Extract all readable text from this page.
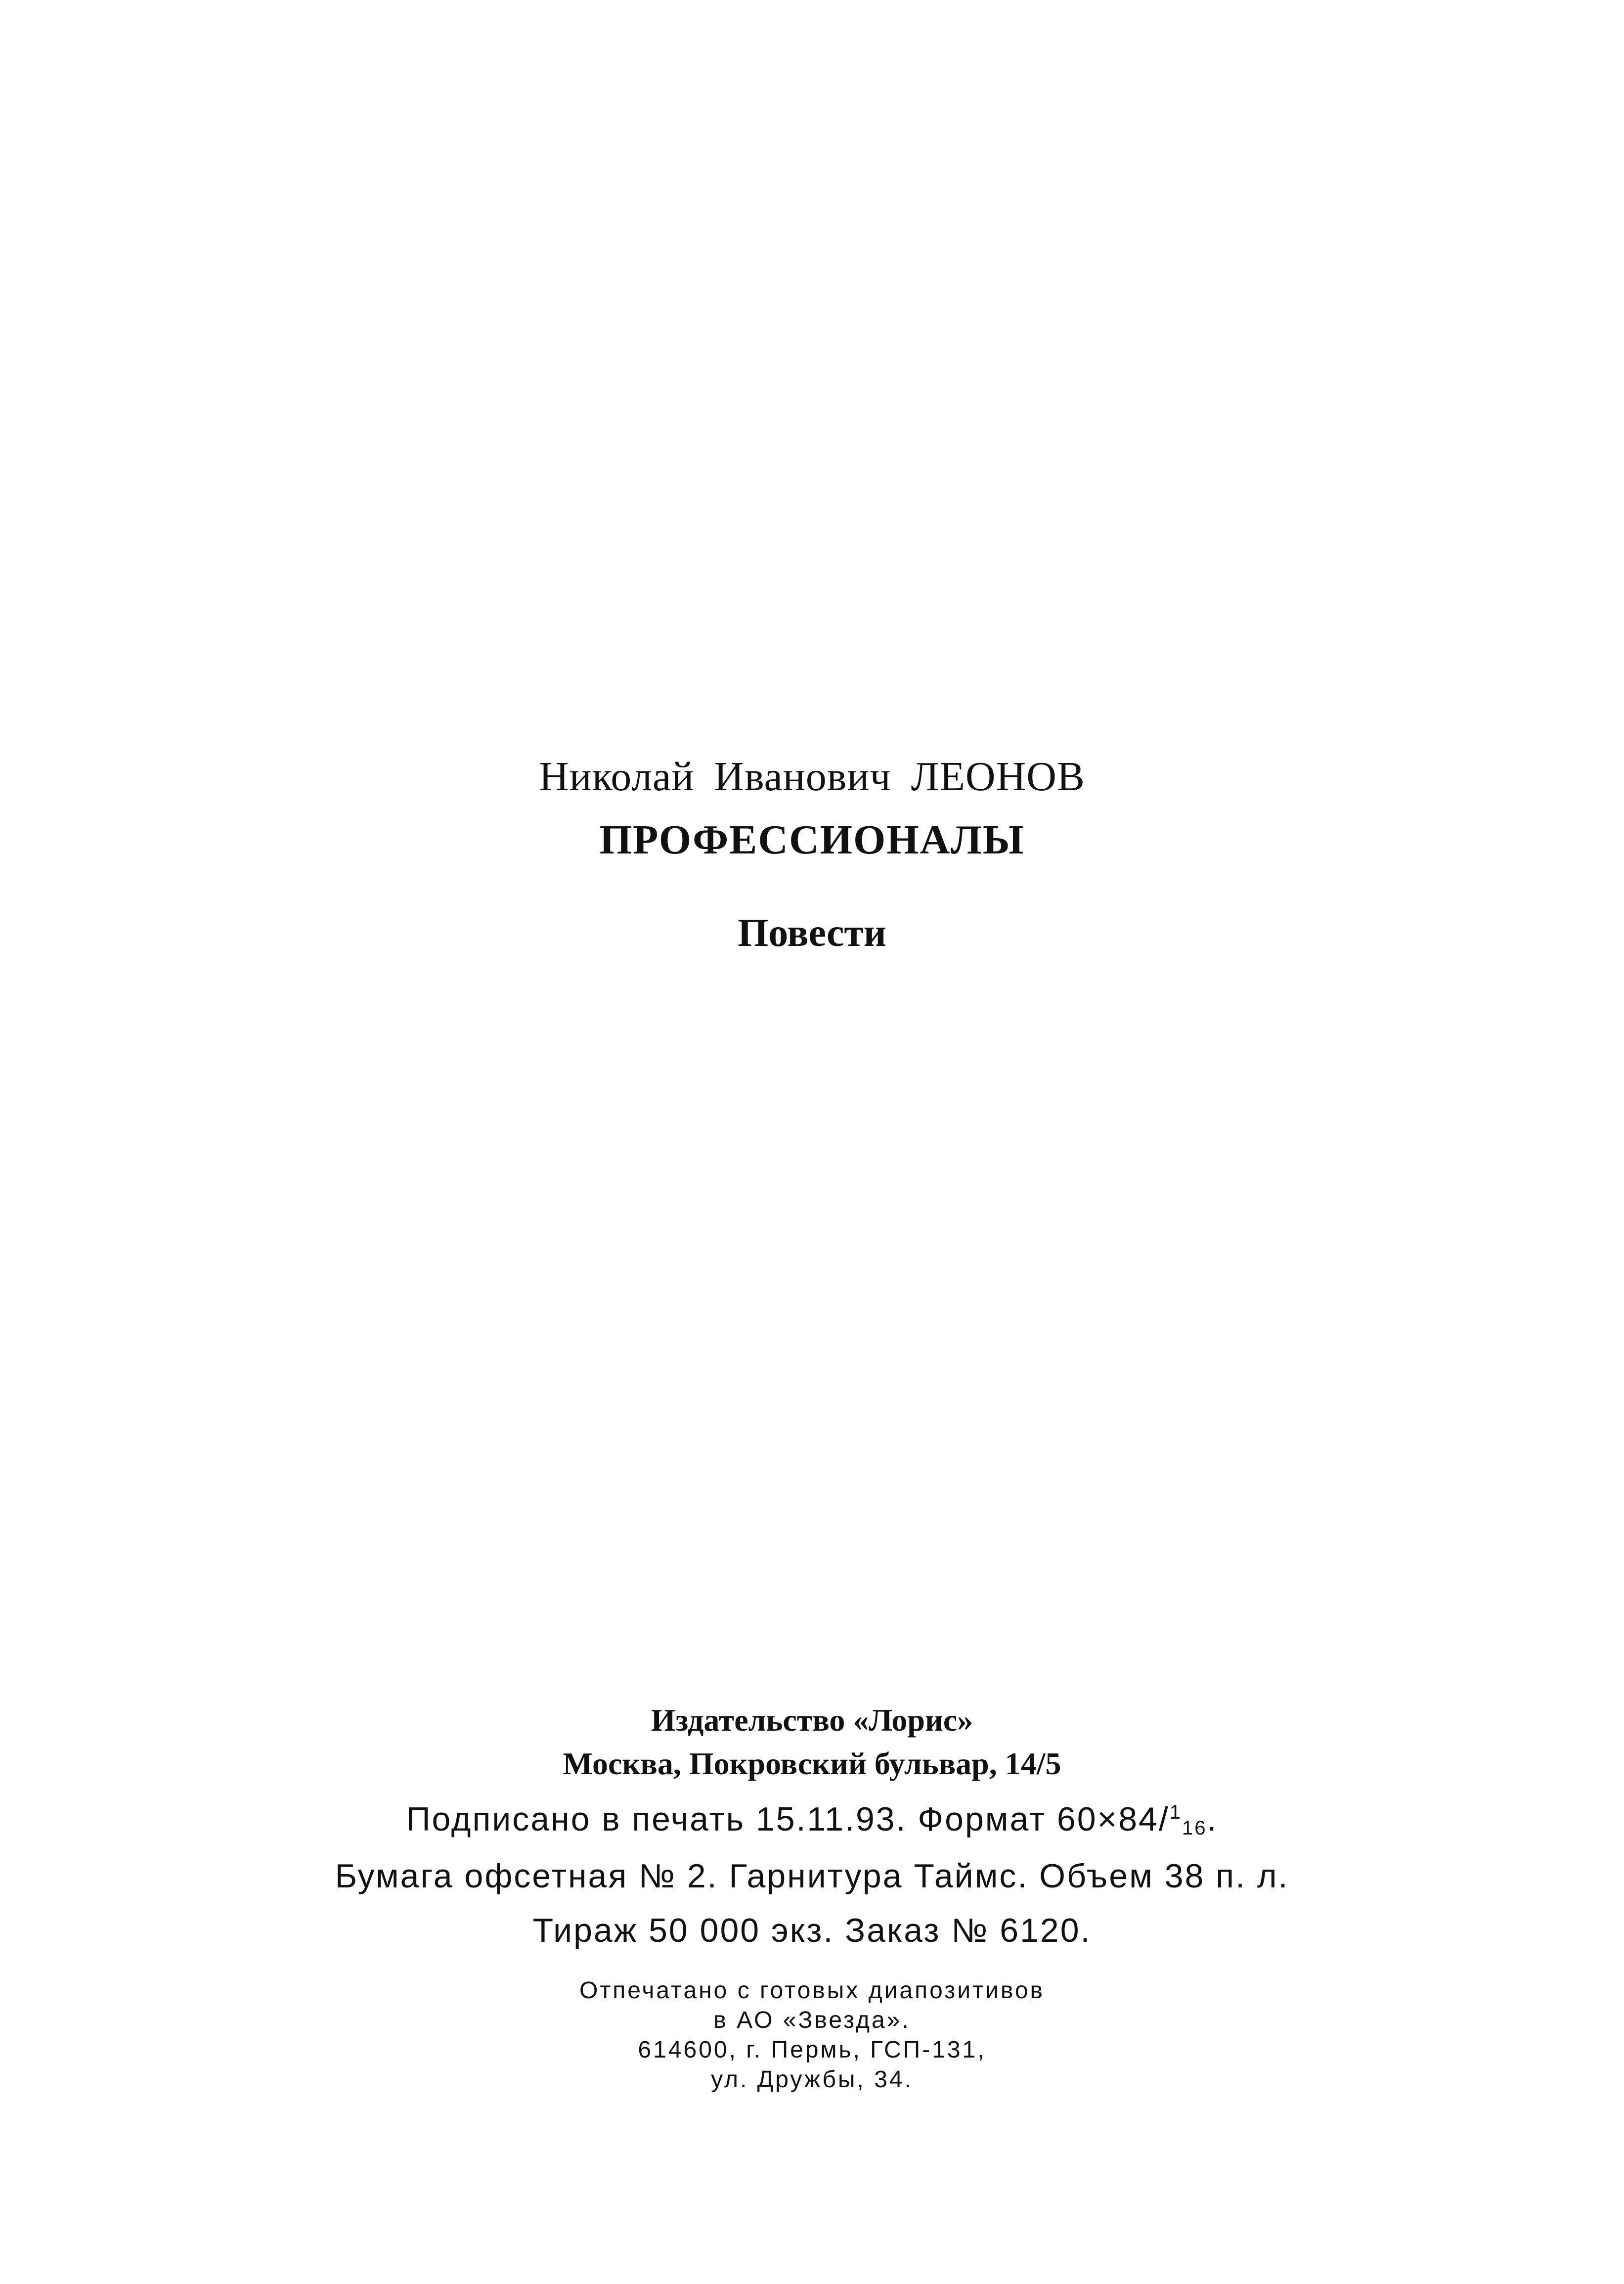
Николай Иванович ЛЕОНОВ
ПРОФЕССИОНАЛЫ
Повести
Издательство «Лорис»
Москва, Покровский бульвар, 14/5
Подписано в печать 15.11.93. Формат 60×84/$^1_{16}$.
Бумага офсетная № 2. Гарнитура Таймс. Объем 38 п. л.
Тираж 50 000 экз. Заказ № 6120.
Отпечатано с готовых диапозитивов
в АО «Звезда».
614600, г. Пермь, ГСП-131,
ул. Дружбы, 34.
